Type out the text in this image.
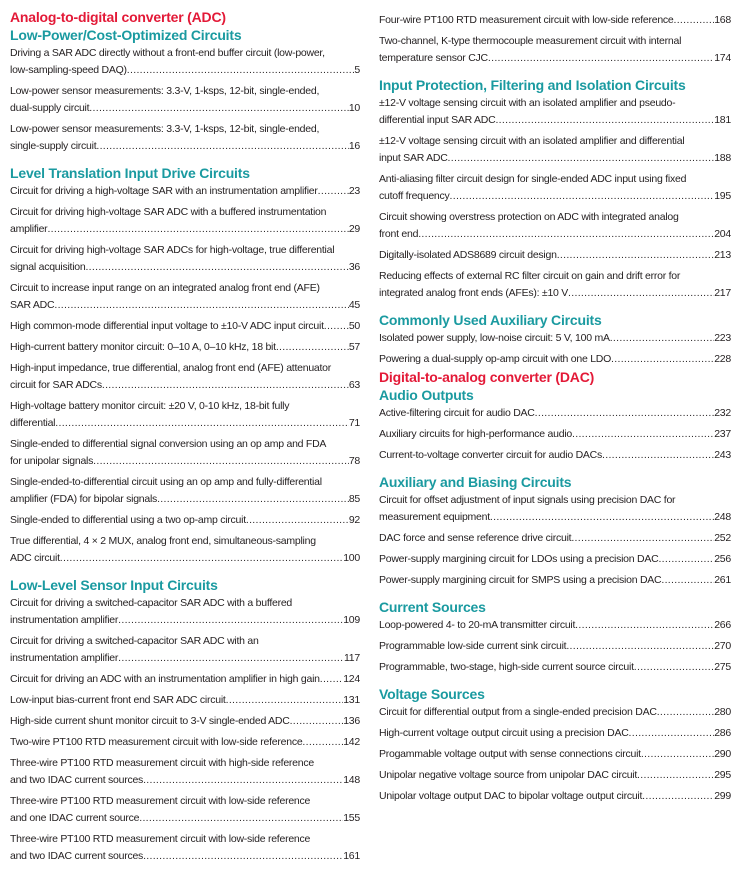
Analog-to-digital converter (ADC)
Low-Power/Cost-Optimized Circuits
Driving a SAR ADC directly without a front-end buffer circuit (low-power,
low-sampling-speed DAQ) .....	5
Low-power sensor measurements: 3.3-V, 1-ksps, 12-bit, single-ended,
dual-supply circuit .....	10
Low-power sensor measurements: 3.3-V, 1-ksps, 12-bit, single-ended,
single-supply circuit .....	16
Level Translation Input Drive Circuits
Circuit for driving a high-voltage SAR with an instrumentation amplifier .....	23
Circuit for driving high-voltage SAR ADC with a buffered instrumentation
amplifier .....	29
Circuit for driving high-voltage SAR ADCs for high-voltage, true differential
signal acquisition .....	36
Circuit to increase input range on an integrated analog front end (AFE)
SAR ADC .....	45
High common-mode differential input voltage to ±10-V ADC input circuit ..... 50
High-current battery monitor circuit: 0–10 A, 0–10 kHz, 18 bit .....	57
High-input impedance, true differential, analog front end (AFE) attenuator
circuit for SAR ADCs .....	63
High-voltage battery monitor circuit: ±20 V, 0-10 kHz, 18-bit fully
differential .....	71
Single-ended to differential signal conversion using an op amp and FDA
for unipolar signals .....	78
Single-ended-to-differential circuit using an op amp and fully-differential
amplifier (FDA) for bipolar signals .....	85
Single-ended to differential using a two op-amp circuit .....	92
True differential, 4 × 2 MUX, analog front end, simultaneous-sampling
ADC circuit .....	100
Low-Level Sensor Input Circuits
Circuit for driving a switched-capacitor SAR ADC with a buffered
instrumentation amplifier .....	109
Circuit for driving a switched-capacitor SAR ADC with an
instrumentation amplifier .....	117
Circuit for driving an ADC with an instrumentation amplifier in high gain ..... 124
Low-input bias-current front end SAR ADC circuit .....	131
High-side current shunt monitor circuit to 3-V single-ended ADC .....	136
Two-wire PT100 RTD measurement circuit with low-side reference .....	142
Three-wire PT100 RTD measurement circuit with high-side reference
and two IDAC current sources .....	148
Three-wire PT100 RTD measurement circuit with low-side reference
and one IDAC current source .....	155
Three-wire PT100 RTD measurement circuit with low-side reference
and two IDAC current sources .....	161
Four-wire PT100 RTD measurement circuit with low-side reference .....	168
Two-channel, K-type thermocouple measurement circuit with internal
temperature sensor CJC .....	174
Input Protection, Filtering and Isolation Circuits
±12-V voltage sensing circuit with an isolated amplifier and pseudo-
differential input SAR ADC .....	181
±12-V voltage sensing circuit with an isolated amplifier and differential
input SAR ADC .....	188
Anti-aliasing filter circuit design for single-ended ADC input using fixed
cutoff frequency .....	195
Circuit showing overstress protection on ADC with integrated analog
front end .....	204
Digitally-isolated ADS8689 circuit design .....	213
Reducing effects of external RC filter circuit on gain and drift error for
integrated analog front ends (AFEs): ±10 V .....	217
Commonly Used Auxiliary Circuits
Isolated power supply, low-noise circuit: 5 V, 100 mA .....	223
Powering a dual-supply op-amp circuit with one LDO .....	228
Digital-to-analog converter (DAC)
Audio Outputs
Active-filtering circuit for audio DAC .....	232
Auxiliary circuits for high-performance audio .....	237
Current-to-voltage converter circuit for audio DACs .....	243
Auxiliary and Biasing Circuits
Circuit for offset adjustment of input signals using precision DAC for
measurement equipment .....	248
DAC force and sense reference drive circuit .....	252
Power-supply margining circuit for LDOs using a precision DAC .....	256
Power-supply margining circuit for SMPS using a precision DAC .....	261
Current Sources
Loop-powered 4- to 20-mA transmitter circuit .....	266
Programmable low-side current sink circuit .....	270
Programmable, two-stage, high-side current source circuit .....	275
Voltage Sources
Circuit for differential output from a single-ended precision DAC .....	280
High-current voltage output circuit using a precision DAC .....	286
Progammable voltage output with sense connections circuit .....	290
Unipolar negative voltage source from unipolar DAC circuit .....	295
Unipolar voltage output DAC to bipolar voltage output circuit .....	299
